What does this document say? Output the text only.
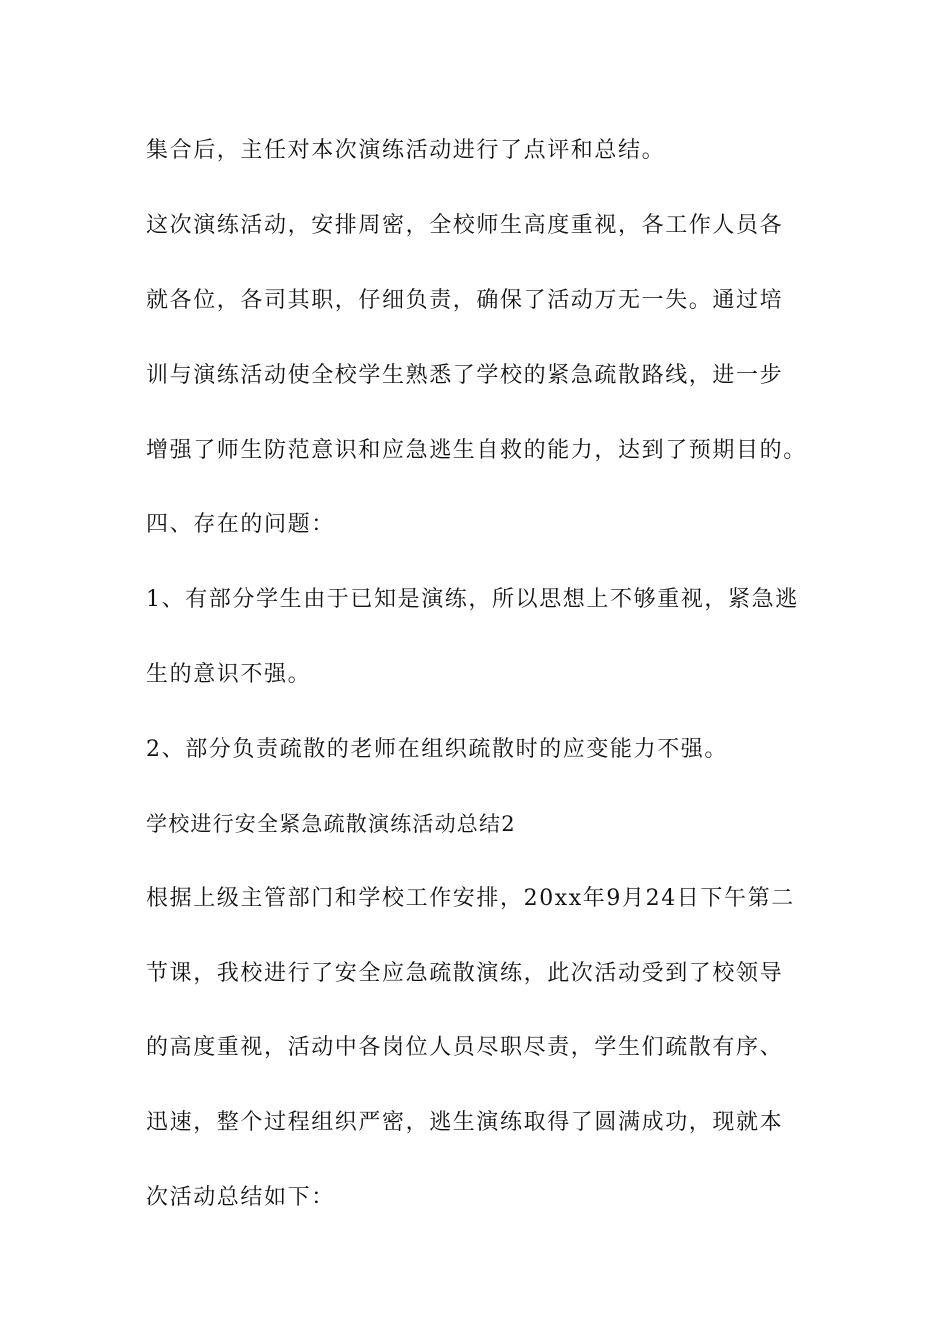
集合后，主任对本次演练活动进行了点评和总结。
这次演练活动，安排周密，全校师生高度重视，各工作人员各
就各位，各司其职，仔细负责，确保了活动万无一失。通过培
训与演练活动使全校学生熟悉了学校的紧急疏散路线，进一步
增强了师生防范意识和应急逃生自救的能力，达到了预期目的。
四、存在的问题：
1、有部分学生由于已知是演练，所以思想上不够重视，紧急逃
生的意识不强。
2、部分负责疏散的老师在组织疏散时的应变能力不强。
学校进行安全紧急疏散演练活动总结2
根据上级主管部门和学校工作安排，20xx年9月24日下午第二
节课，我校进行了安全应急疏散演练，此次活动受到了校领导
的高度重视，活动中各岗位人员尽职尽责，学生们疏散有序、
迅速，整个过程组织严密，逃生演练取得了圆满成功，现就本
次活动总结如下：
